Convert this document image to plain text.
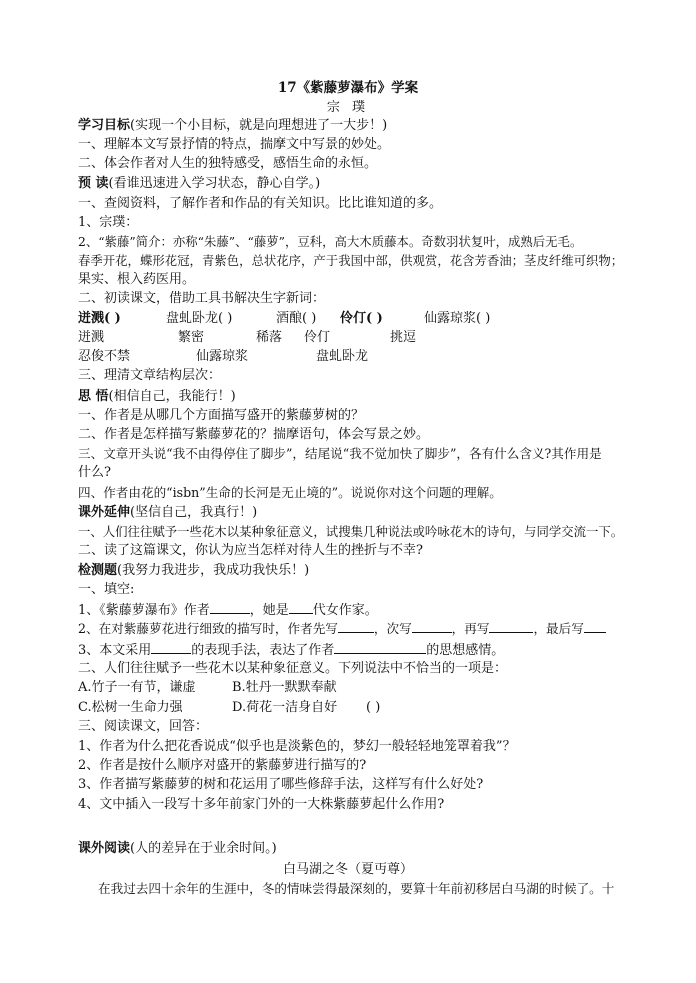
17《紫藤萝瀑布》学案
宗 璞
学习目标(实现一个小目标，就是向理想进了一大步！)
一、理解本文写景抒情的特点，揣摩文中写景的妙处。
二、体会作者对人生的独特感受，感悟生命的永恒。
预 读(看谁迅速进入学习状态，静心自学。)
一、查阅资料，了解作者和作品的有关知识。比比谁知道的多。
1、宗璞：
2、“紫藤”简介：亦称“朱藤”、“藤萝”，豆科，高大木质藤本。奇数羽状复叶，成熟后无毛。
春季开花，蝶形花冠，青紫色，总状花序，产于我国中部，供观赏，花含芳香油；茎皮纤维可织物；
果实、根入药医用。
二、初读课文，借助工具书解决生字新词：
迸溅( )	盘虬卧龙( )	酒酿( ) 伶仃( )	仙露琼浆( )
迸溅	繁密	稀落 伶仃	挑逗
忍俊不禁	仙露琼浆	盘虬卧龙
三、理清文章结构层次：
思 悟(相信自己，我能行！)
一、作者是从哪几个方面描写盛开的紫藤萝树的？
二、作者是怎样描写紫藤萝花的？揣摩语句，体会写景之妙。
三、文章开头说“我不由得停住了脚步”，结尾说“我不觉加快了脚步”，各有什么含义?其作用是
什么?
四、作者由花的“isbn”生命的长河是无止境的”。说说你对这个问题的理解。
课外延伸(坚信自己，我真行！)
一、人们往往赋予一些花木以某种象征意义，试搜集几种说法或吟咏花木的诗句，与同学交流一下。
二、读了这篇课文，你认为应当怎样对待人生的挫折与不幸?
检测题(我努力我进步，我成功我快乐！)
一、填空:
1、《紫藤萝瀑布》作者	，她是 代女作家。
2、在对紫藤萝花进行细致的描写时，作者先写	，次写	，再写	，最后写
3、本文采用	的表现手法，表达了作者	的思想感情。
二、人们往往赋予一些花木以某种象征意义。下列说法中不恰当的一项是：
A.竹子一有节，谦虚	B.牡丹一默默奉献
C.松树一生命力强	D.荷花一洁身自好 ( )
三、阅读课文，回答：
1、作者为什么把花香说成“似乎也是淡紫色的，梦幻一般轻轻地笼罩着我”？
2、作者是按什么顺序对盛开的紫藤萝进行描写的?
3、作者描写紫藤萝的树和花运用了哪些修辞手法，这样写有什么好处?
4、文中插入一段写十多年前家门外的一大株紫藤萝起什么作用?
课外阅读(人的差异在于业余时间。)
白马湖之冬（夏丏尊）
在我过去四十余年的生涯中，冬的情味尝得最深刻的，要算十年前初移居白马湖的时候了。十
